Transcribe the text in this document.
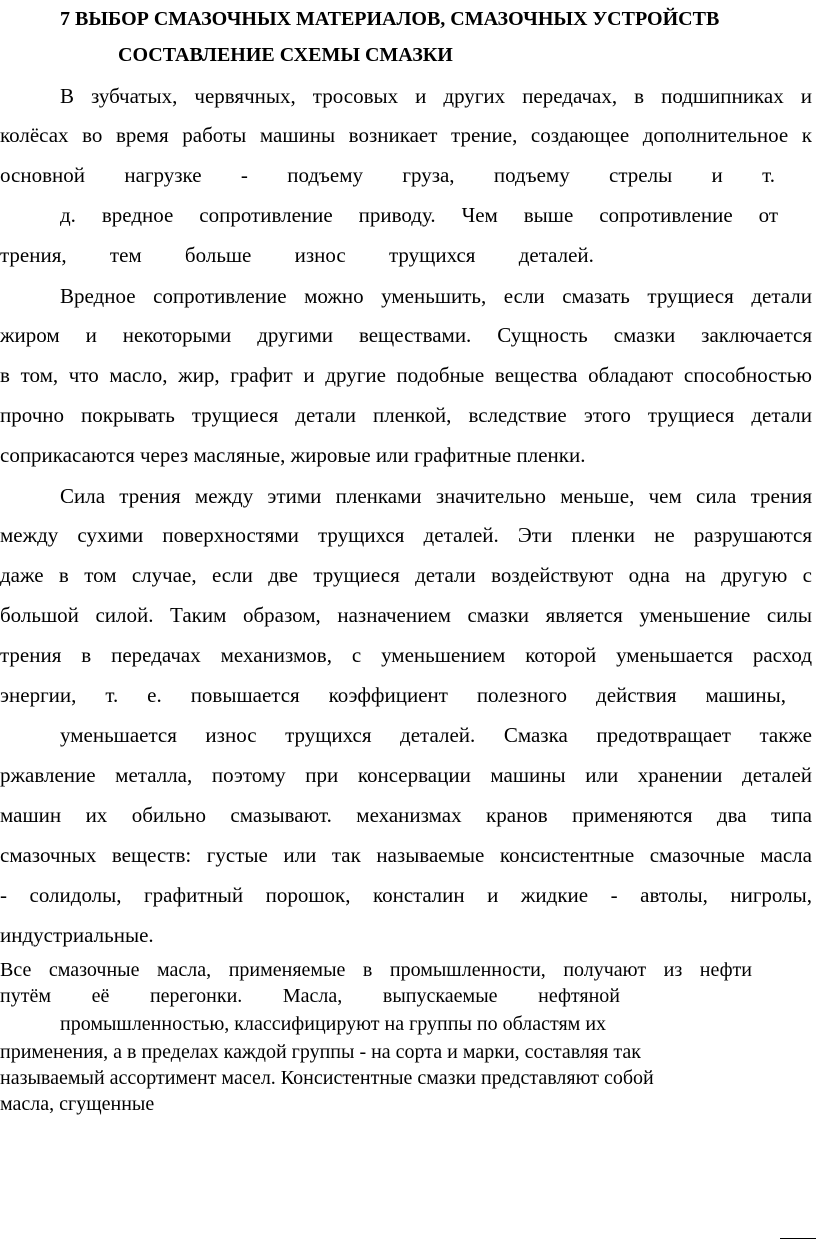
7 ВЫБОР СМАЗОЧНЫХ МАТЕРИАЛОВ, СМАЗОЧНЫХ УСТРОЙСТВ
СОСТАВЛЕНИЕ СХЕМЫ СМАЗКИ
В зубчатых, червячных, тросовых и других передачах, в подшипниках и
колёсах во время работы машины возникает трение, создающее дополнительное к
основной нагрузке - подъему груза, подъему стрелы и т.
д. вредное сопротивление приводу. Чем выше сопротивление от
трения, тем больше износ трущихся деталей.
Вредное сопротивление можно уменьшить, если смазать трущиеся детали
жиром и некоторыми другими веществами. Сущность смазки заключается
в том, что масло, жир, графит и другие подобные вещества обладают способностью
прочно покрывать трущиеся детали пленкой, вследствие этого трущиеся детали
соприкасаются через масляные, жировые или графитные пленки.
Сила трения между этими пленками значительно меньше, чем сила трения
между сухими поверхностями трущихся деталей. Эти пленки не разрушаются
даже в том случае, если две трущиеся детали воздействуют одна на другую с
большой силой. Таким образом, назначением смазки является уменьшение силы
трения в передачах механизмов, с уменьшением которой уменьшается расход
энергии, т. е. повышается коэффициент полезного действия машины,
уменьшается износ трущихся деталей. Смазка предотвращает также
ржавление металла, поэтому при консервации машины или хранении деталей
машин их обильно смазывают. механизмах кранов применяются два типа
смазочных веществ: густые или так называемые консистентные смазочные масла
- солидолы, графитный порошок, констaлин и жидкие - автолы, нигролы,
индустриальные.
Все смазочные масла, применяемые в промышленности, получают из нефти
путём её перегонки. Масла, выпускаемые нефтяной
промышленностью, классифицируют на группы по областям их
применения, а в пределах каждой группы - на сорта и марки, составляя так
называемый ассортимент масел. Консистентные смазки представляют собой
масла, сгущенные
